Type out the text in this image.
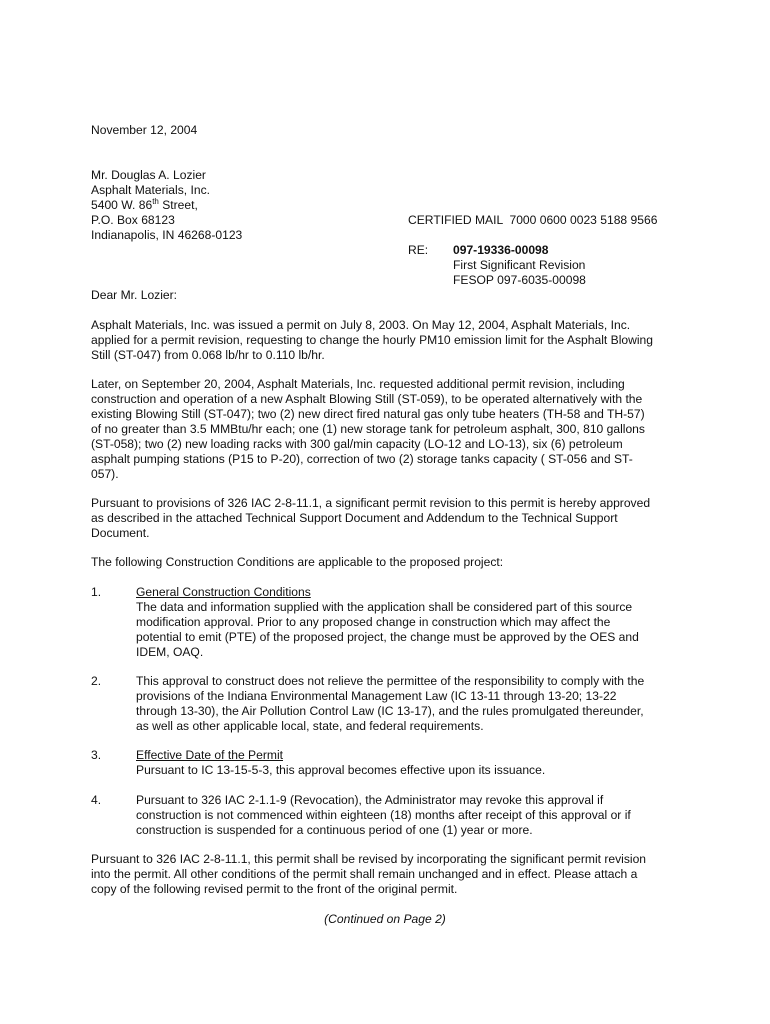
November 12, 2004
Mr. Douglas A. Lozier
Asphalt Materials, Inc.
5400 W. 86th Street,
P.O. Box 68123
Indianapolis, IN 46268-0123
CERTIFIED MAIL  7000 0600 0023 5188 9566
RE: 097-19336-00098
First Significant Revision
FESOP 097-6035-00098
Dear Mr. Lozier:
Asphalt Materials, Inc. was issued a permit on July 8, 2003. On May 12, 2004, Asphalt Materials, Inc.
applied for a permit revision, requesting to change the hourly PM10 emission limit for the Asphalt Blowing
Still (ST-047) from 0.068 lb/hr to 0.110 lb/hr.
Later, on September 20, 2004, Asphalt Materials, Inc. requested additional permit revision, including
construction and operation of a new Asphalt Blowing Still (ST-059), to be operated alternatively with the
existing Blowing Still (ST-047); two (2) new direct fired natural gas only tube heaters (TH-58 and TH-57)
of no greater than 3.5 MMBtu/hr each; one (1) new storage tank for petroleum asphalt, 300, 810 gallons
(ST-058); two (2) new loading racks with 300 gal/min capacity (LO-12 and LO-13), six (6) petroleum
asphalt pumping stations (P15 to P-20), correction of two (2) storage tanks capacity ( ST-056 and ST-
057).
Pursuant to provisions of 326 IAC 2-8-11.1, a significant permit revision to this permit is hereby approved
as described in the attached Technical Support Document and Addendum to the Technical Support
Document.
The following Construction Conditions are applicable to the proposed project:
1.	General Construction Conditions
The data and information supplied with the application shall be considered part of this source
modification approval. Prior to any proposed change in construction which may affect the
potential to emit (PTE) of the proposed project, the change must be approved by the OES and
IDEM, OAQ.
2.	This approval to construct does not relieve the permittee of the responsibility to comply with the
provisions of the Indiana Environmental Management Law (IC 13-11 through 13-20; 13-22
through 13-30), the Air Pollution Control Law (IC 13-17), and the rules promulgated thereunder,
as well as other applicable local, state, and federal requirements.
3.	Effective Date of the Permit
Pursuant to IC 13-15-5-3, this approval becomes effective upon its issuance.
4.	Pursuant to 326 IAC 2-1.1-9 (Revocation), the Administrator may revoke this approval if
construction is not commenced within eighteen (18) months after receipt of this approval or if
construction is suspended for a continuous period of one (1) year or more.
Pursuant to 326 IAC 2-8-11.1, this permit shall be revised by incorporating the significant permit revision
into the permit. All other conditions of the permit shall remain unchanged and in effect. Please attach a
copy of the following revised permit to the front of the original permit.
(Continued on Page 2)
